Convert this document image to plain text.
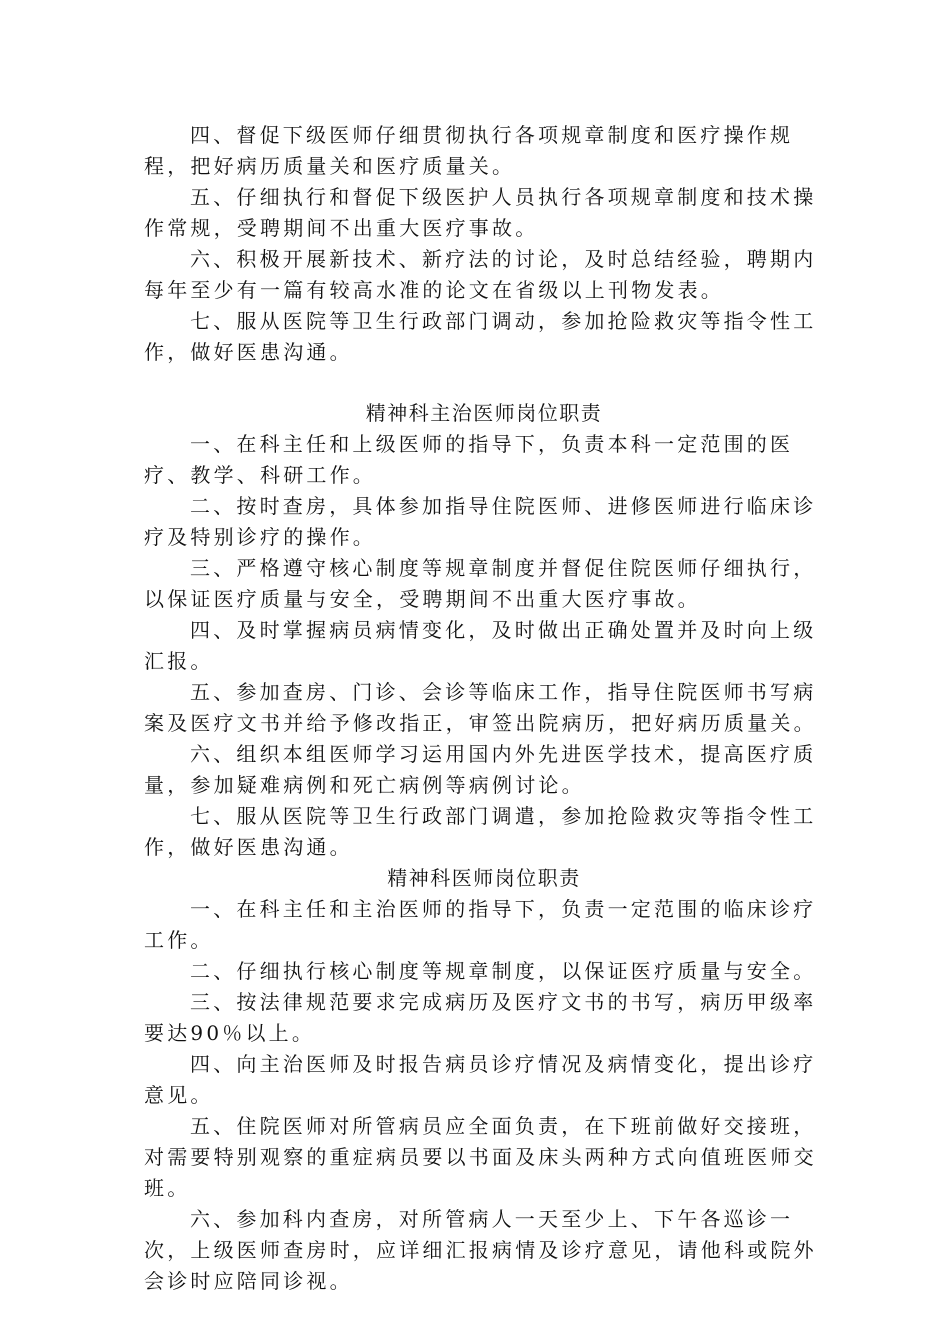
四、督促下级医师仔细贯彻执行各项规章制度和医疗操作规程，把好病历质量关和医疗质量关。

五、仔细执行和督促下级医护人员执行各项规章制度和技术操作常规，受聘期间不出重大医疗事故。

六、积极开展新技术、新疗法的讨论，及时总结经验，聘期内每年至少有一篇有较高水准的论文在省级以上刊物发表。

七、服从医院等卫生行政部门调动，参加抢险救灾等指令性工作，做好医患沟通。

精神科主治医师岗位职责

一、在科主任和上级医师的指导下，负责本科一定范围的医疗、教学、科研工作。

二、按时查房，具体参加指导住院医师、进修医师进行临床诊疗及特别诊疗的操作。

三、严格遵守核心制度等规章制度并督促住院医师仔细执行，以保证医疗质量与安全，受聘期间不出重大医疗事故。

四、及时掌握病员病情变化，及时做出正确处置并及时向上级汇报。

五、参加查房、门诊、会诊等临床工作，指导住院医师书写病案及医疗文书并给予修改指正，审签出院病历，把好病历质量关。

六、组织本组医师学习运用国内外先进医学技术，提高医疗质量，参加疑难病例和死亡病例等病例讨论。

七、服从医院等卫生行政部门调遣，参加抢险救灾等指令性工作，做好医患沟通。

精神科医师岗位职责

一、在科主任和主治医师的指导下，负责一定范围的临床诊疗工作。

二、仔细执行核心制度等规章制度，以保证医疗质量与安全。

三、按法律规范要求完成病历及医疗文书的书写，病历甲级率要达90％以上。

四、向主治医师及时报告病员诊疗情况及病情变化，提出诊疗意见。

五、住院医师对所管病员应全面负责，在下班前做好交接班，对需要特别观察的重症病员要以书面及床头两种方式向值班医师交班。

六、参加科内查房，对所管病人一天至少上、下午各巡诊一次，上级医师查房时，应详细汇报病情及诊疗意见，请他科或院外会诊时应陪同诊视。
